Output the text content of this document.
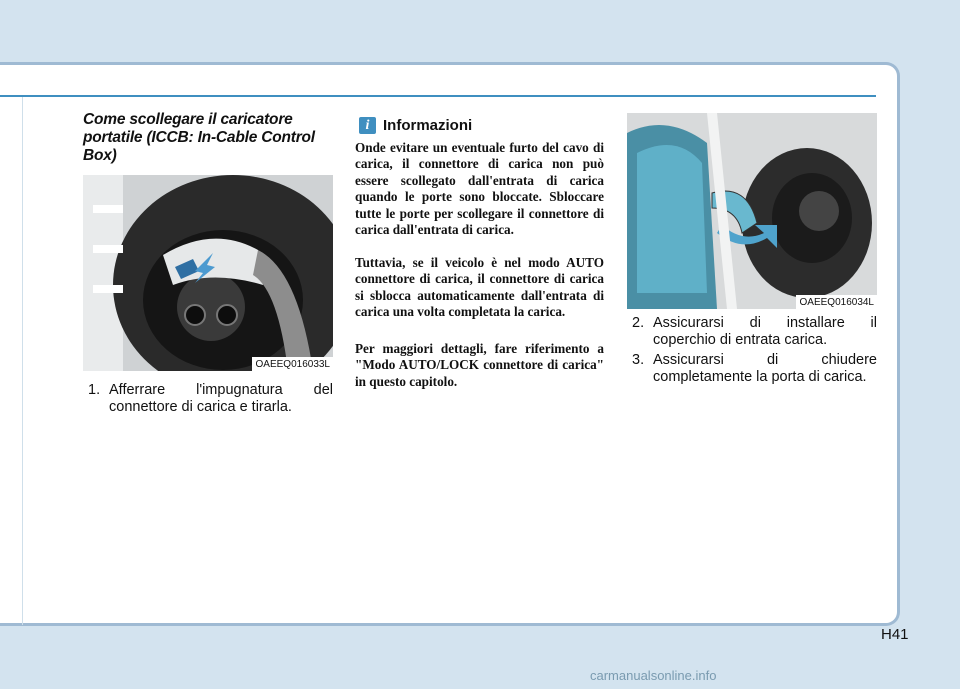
Come scollegare il caricatore portatile (ICCB: In-Cable Control Box)
OAEEQ016033L
1. Afferrare l'impugnatura del connettore di carica e tirarla.
i Informazioni

Onde evitare un eventuale furto del cavo di carica, il connettore di carica non può essere scollegato dall'entrata di carica quando le porte sono bloccate. Sbloccare tutte le porte per scollegare il connettore di carica dall'entrata di carica.

Tuttavia, se il veicolo è nel modo AUTO connettore di carica, il connettore di carica si sblocca automaticamente dall'entrata di carica una volta completata la carica.

Per maggiori dettagli, fare riferimento a "Modo AUTO/LOCK connettore di carica" in questo capitolo.

OAEEQ016034L
2. Assicurarsi di installare il coperchio di entrata carica.
3. Assicurarsi di chiudere completamente la porta di carica.
H41
carmanualsonline.info
